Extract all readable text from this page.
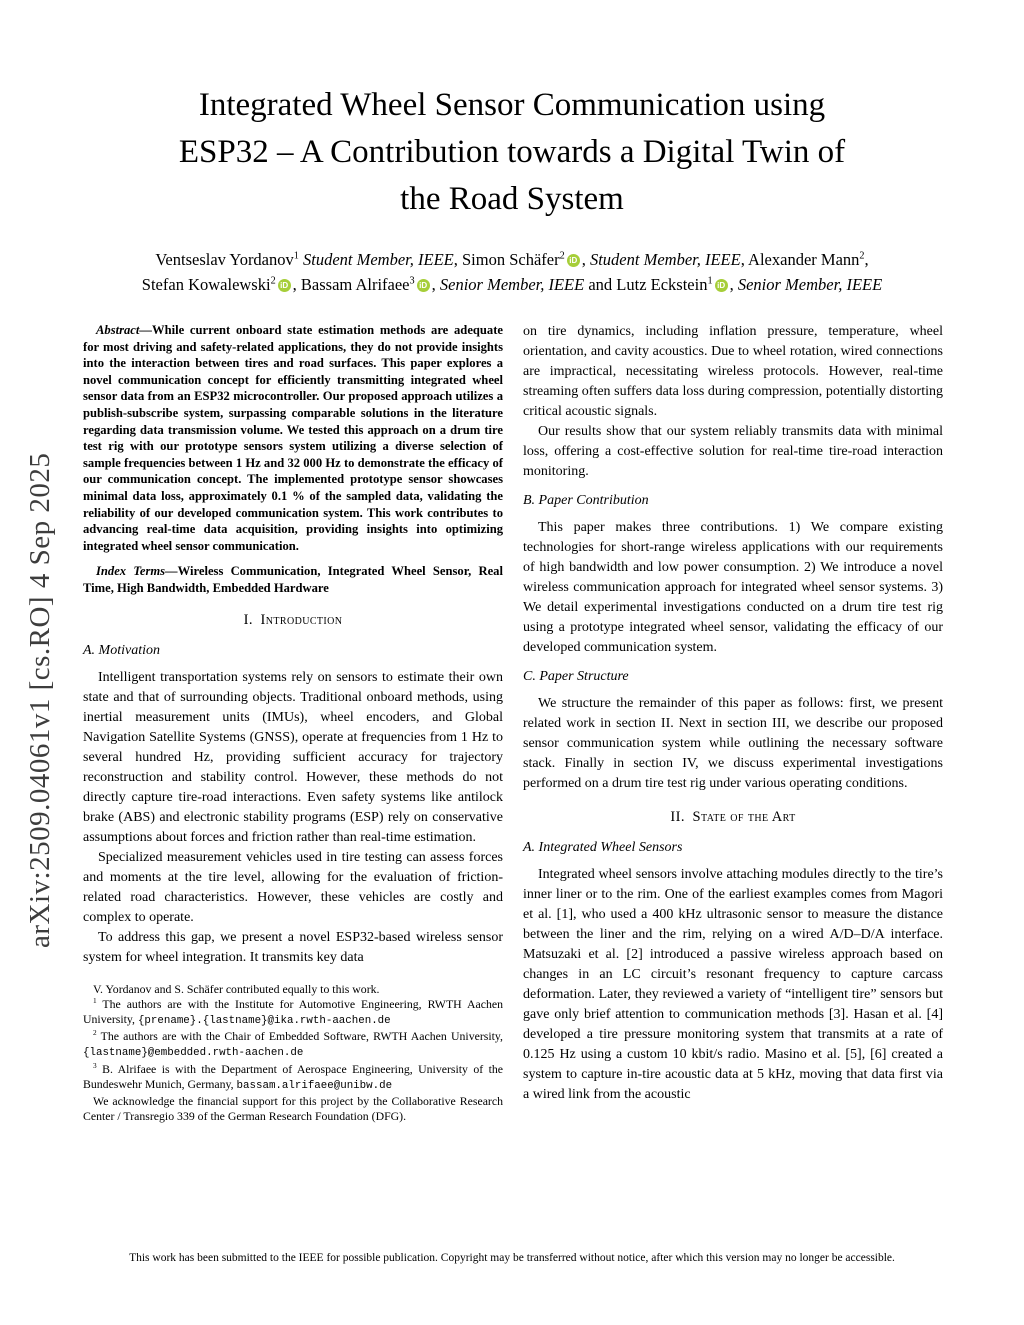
arXiv:2509.04061v1 [cs.RO] 4 Sep 2025
Integrated Wheel Sensor Communication using
ESP32 – A Contribution towards a Digital Twin of
the Road System
Ventseslav Yordanov$^1$ Student Member, IEEE, Simon Schäfer$^2$ iD , Student Member, IEEE, Alexander Mann$^2$,
Stefan Kowalewski$^2$ iD , Bassam Alrifaee$^3$ iD , Senior Member, IEEE and Lutz Eckstein$^1$ iD , Senior Member, IEEE

Abstract—While current onboard state estimation methods are adequate for most driving and safety-related applications, they do not provide insights into the interaction between tires and road surfaces. This paper explores a novel communication concept for efficiently transmitting integrated wheel sensor data from an ESP32 microcontroller. Our proposed approach utilizes a publish-subscribe system, surpassing comparable solutions in the literature regarding data transmission volume. We tested this approach on a drum tire test rig with our prototype sensors system utilizing a diverse selection of sample frequencies between 1 Hz and 32 000 Hz to demonstrate the efficacy of our communication concept. The implemented prototype sensor showcases minimal data loss, approximately 0.1 % of the sampled data, validating the reliability of our developed communication system. This work contributes to advancing real-time data acquisition, providing insights into optimizing integrated wheel sensor communication.

Index Terms—Wireless Communication, Integrated Wheel Sensor, Real Time, High Bandwidth, Embedded Hardware

I. Introduction
A. Motivation

Intelligent transportation systems rely on sensors to estimate their own state and that of surrounding objects. Traditional onboard methods, using inertial measurement units (IMUs), wheel encoders, and Global Navigation Satellite Systems (GNSS), operate at frequencies from 1 Hz to several hundred Hz, providing sufficient accuracy for trajectory reconstruction and stability control. However, these methods do not directly capture tire-road interactions. Even safety systems like antilock brake (ABS) and electronic stability programs (ESP) rely on conservative assumptions about forces and friction rather than real-time estimation.

Specialized measurement vehicles used in tire testing can assess forces and moments at the tire level, allowing for the evaluation of friction-related road characteristics. However, these vehicles are costly and complex to operate.

To address this gap, we present a novel ESP32-based wireless sensor system for wheel integration. It transmits key data

V. Yordanov and S. Schäfer contributed equally to this work.

$^1$ The authors are with the Institute for Automotive Engineering, RWTH Aachen University, {prename}.{lastname}@ika.rwth-aachen.de

$^2$ The authors are with the Chair of Embedded Software, RWTH Aachen University, {lastname}@embedded.rwth-aachen.de

$^3$ B. Alrifaee is with the Department of Aerospace Engineering, University of the Bundeswehr Munich, Germany, bassam.alrifaee@unibw.de

We acknowledge the financial support for this project by the Collaborative Research Center / Transregio 339 of the German Research Foundation (DFG).

on tire dynamics, including inflation pressure, temperature, wheel orientation, and cavity acoustics. Due to wheel rotation, wired connections are impractical, necessitating wireless protocols. However, real-time streaming often suffers data loss during compression, potentially distorting critical acoustic signals.

Our results show that our system reliably transmits data with minimal loss, offering a cost-effective solution for real-time tire-road interaction monitoring.

B. Paper Contribution

This paper makes three contributions. 1) We compare existing technologies for short-range wireless applications with our requirements of high bandwidth and low power consumption. 2) We introduce a novel wireless communication approach for integrated wheel sensor systems. 3) We detail experimental investigations conducted on a drum tire test rig using a prototype integrated wheel sensor, validating the efficacy of our developed communication system.

C. Paper Structure

We structure the remainder of this paper as follows: first, we present related work in section II. Next in section III, we describe our proposed sensor communication system while outlining the necessary software stack. Finally in section IV, we discuss experimental investigations performed on a drum tire test rig under various operating conditions.

II. State of the Art
A. Integrated Wheel Sensors

Integrated wheel sensors involve attaching modules directly to the tire’s inner liner or to the rim. One of the earliest examples comes from Magori et al. [1], who used a 400 kHz ultrasonic sensor to measure the distance between the liner and the rim, relying on a wired A/D–D/A interface. Matsuzaki et al. [2] introduced a passive wireless approach based on changes in an LC circuit’s resonant frequency to capture carcass deformation. Later, they reviewed a variety of “intelligent tire” sensors but gave only brief attention to communication methods [3]. Hasan et al. [4] developed a tire pressure monitoring system that transmits at a rate of 0.125 Hz using a custom 10 kbit/s radio. Masino et al. [5], [6] created a system to capture in-tire acoustic data at 5 kHz, moving that data first via a wired link from the acoustic

This work has been submitted to the IEEE for possible publication. Copyright may be transferred without notice, after which this version may no longer be accessible.
